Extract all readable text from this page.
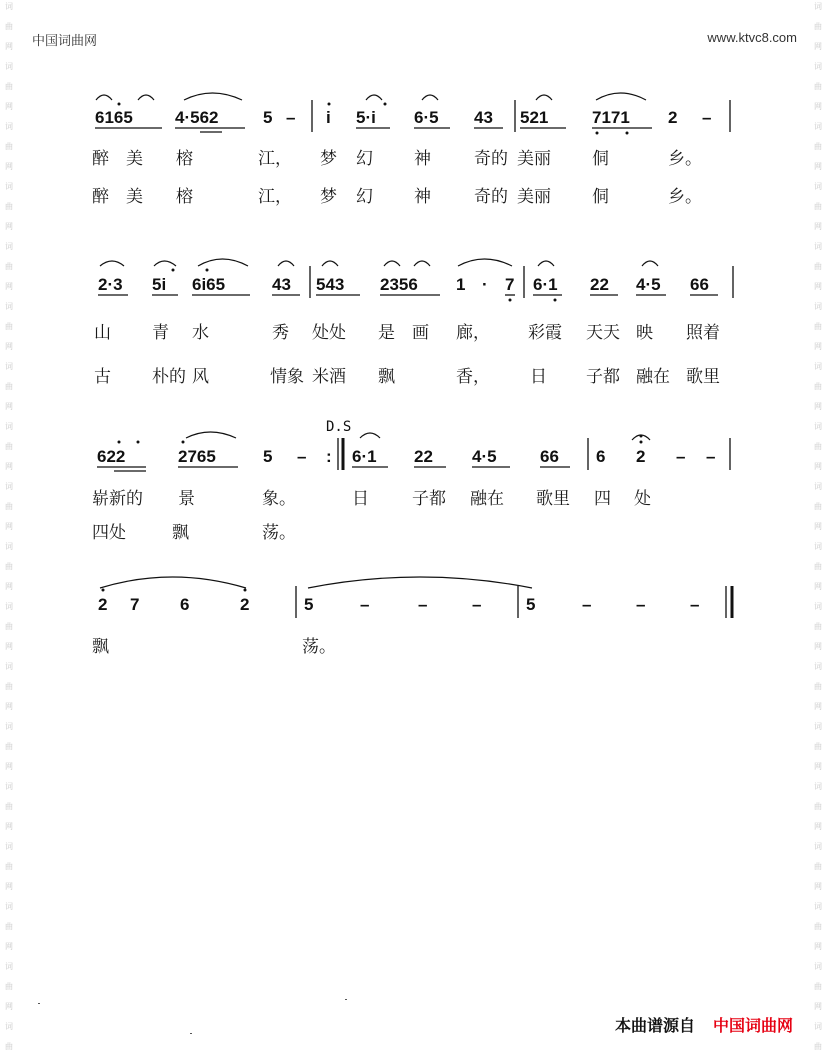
词
曲
网
词
曲
网
词
曲
网
词
曲
网
词
曲
网
词
曲
网
词
曲
网
词
曲
网
词
曲
网
词
曲
网
词
曲
网
词
曲
网
词
曲
网
词
曲
网
词
曲
网
词
曲
网
词
曲
网
词
曲
词
曲
网
词
曲
网
词
曲
网
词
曲
网
词
曲
网
词
曲
网
词
曲
网
词
曲
网
词
曲
网
词
曲
网
词
曲
网
词
曲
网
词
曲
网
词
曲
网
词
曲
网
词
曲
网
词
曲
网
词
曲
中国词曲网	www.ktvc8.com
6165 4·562	5 – i 5·i 6·5 43 521	7171 2 –
醉 美 榕	江， 梦 幻 神	奇的 美丽 侗	乡。
醉 美 榕	江， 梦 幻 神	奇的 美丽 侗	乡。
2·3 5i 6i65	43 543 2356 1 · 7 6·1 22 4·5 66
山 青 水	秀 处处 是 画 廊， 彩霞 天天 映 照着
古 朴的 风	情象 米酒 飘	香， 日 子都 融在 歌里
D.S
622	2765	5 – : 6·1 22 4·5	66 6 2 – –
崭新的 景	象。	日	子都 融在 歌里 四 处
四处	飘	荡。
2 7 6	2	5	–	–	–	5	–	–	–
飘	荡。
本曲谱源自 中国词曲网
